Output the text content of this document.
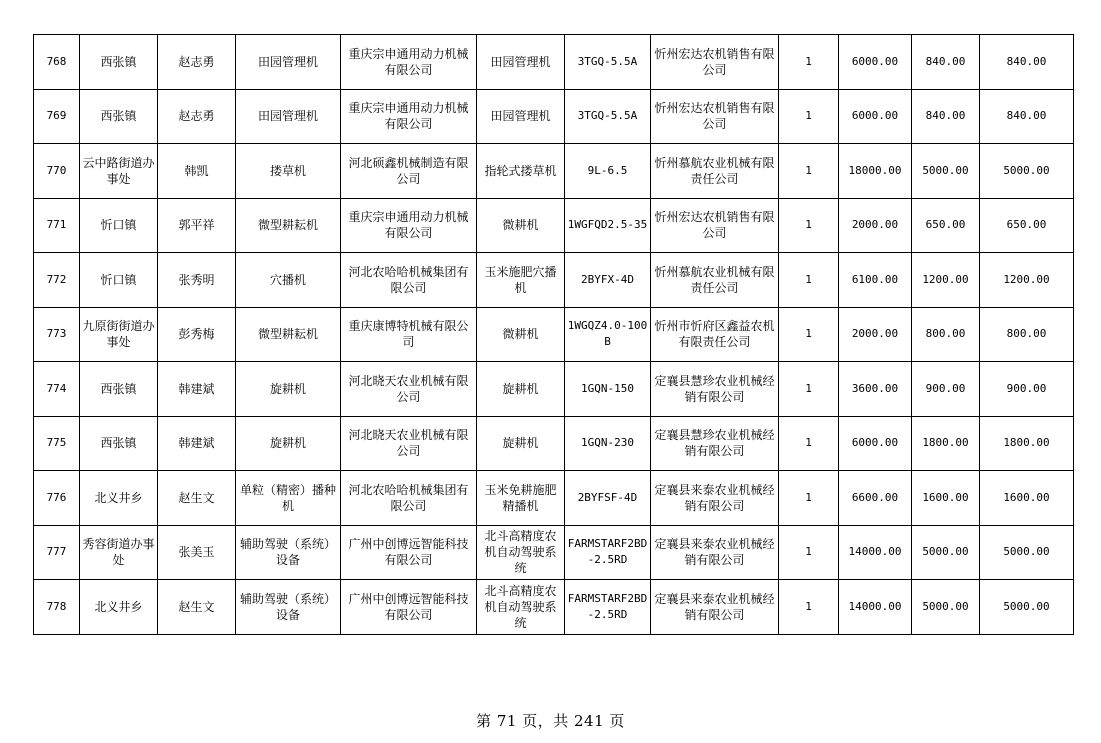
768	西张镇	赵志勇	田园管理机	重庆宗申通用动力机械有限公司	田园管理机	3TGQ-5.5A	忻州宏达农机销售有限公司	1	6000.00	840.00	840.00
769	西张镇	赵志勇	田园管理机	重庆宗申通用动力机械有限公司	田园管理机	3TGQ-5.5A	忻州宏达农机销售有限公司	1	6000.00	840.00	840.00
770	云中路街道办事处	韩凯	搂草机	河北硕鑫机械制造有限公司	指轮式搂草机	9L-6.5	忻州慕航农业机械有限责任公司	1	18000.00	5000.00	5000.00
771	忻口镇	郭平祥	微型耕耘机	重庆宗申通用动力机械有限公司	微耕机	1WGFQD2.5-35	忻州宏达农机销售有限公司	1	2000.00	650.00	650.00
772	忻口镇	张秀明	穴播机	河北农哈哈机械集团有限公司	玉米施肥穴播机	2BYFX-4D	忻州慕航农业机械有限责任公司	1	6100.00	1200.00	1200.00
773	九原街街道办事处	彭秀梅	微型耕耘机	重庆康博特机械有限公司	微耕机	1WGQZ4.0-100B	忻州市忻府区鑫益农机有限责任公司	1	2000.00	800.00	800.00
774	西张镇	韩建斌	旋耕机	河北晓天农业机械有限公司	旋耕机	1GQN-150	定襄县慧珍农业机械经销有限公司	1	3600.00	900.00	900.00
775	西张镇	韩建斌	旋耕机	河北晓天农业机械有限公司	旋耕机	1GQN-230	定襄县慧珍农业机械经销有限公司	1	6000.00	1800.00	1800.00
776	北义井乡	赵生文	单粒（精密）播种机	河北农哈哈机械集团有限公司	玉米免耕施肥精播机	2BYFSF-4D	定襄县来泰农业机械经销有限公司	1	6600.00	1600.00	1600.00
777	秀容街道办事处	张美玉	辅助驾驶（系统）设备	广州中创博远智能科技有限公司	北斗高精度农机自动驾驶系统	FARMSTARF2BD-2.5RD	定襄县来泰农业机械经销有限公司	1	14000.00	5000.00	5000.00
778	北义井乡	赵生文	辅助驾驶（系统）设备	广州中创博远智能科技有限公司	北斗高精度农机自动驾驶系统	FARMSTARF2BD-2.5RD	定襄县来泰农业机械经销有限公司	1	14000.00	5000.00	5000.00
第 71 页，共 241 页
